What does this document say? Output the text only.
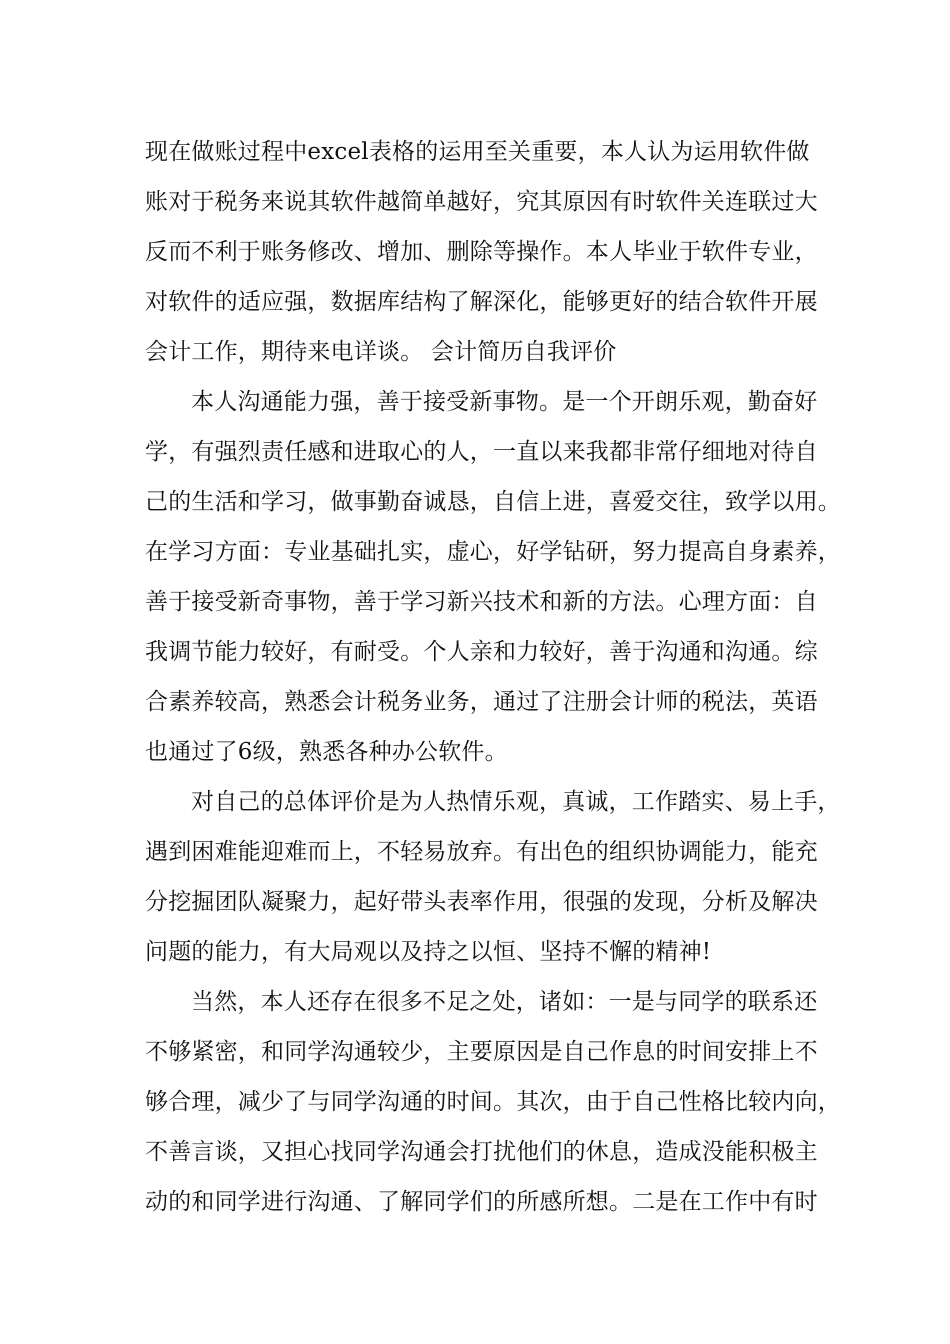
现在做账过程中excel表格的运用至关重要，本人认为运用软件做
账对于税务来说其软件越简单越好，究其原因有时软件关连联过大
反而不利于账务修改、增加、删除等操作。本人毕业于软件专业，
对软件的适应强，数据库结构了解深化，能够更好的结合软件开展
会计工作，期待来电详谈。 会计简历自我评价
本人沟通能力强，善于接受新事物。是一个开朗乐观，勤奋好
学，有强烈责任感和进取心的人，一直以来我都非常仔细地对待自
己的生活和学习，做事勤奋诚恳，自信上进，喜爱交往，致学以用。
在学习方面：专业基础扎实，虚心，好学钻研，努力提高自身素养，
善于接受新奇事物，善于学习新兴技术和新的方法。心理方面：自
我调节能力较好，有耐受。个人亲和力较好，善于沟通和沟通。综
合素养较高，熟悉会计税务业务，通过了注册会计师的税法，英语
也通过了6级，熟悉各种办公软件。
对自己的总体评价是为人热情乐观，真诚，工作踏实、易上手，
遇到困难能迎难而上，不轻易放弃。有出色的组织协调能力，能充
分挖掘团队凝聚力，起好带头表率作用，很强的发现，分析及解决
问题的能力，有大局观以及持之以恒、坚持不懈的精神!
当然，本人还存在很多不足之处，诸如：一是与同学的联系还
不够紧密，和同学沟通较少，主要原因是自己作息的时间安排上不
够合理，减少了与同学沟通的时间。其次，由于自己性格比较内向，
不善言谈，又担心找同学沟通会打扰他们的休息，造成没能积极主
动的和同学进行沟通、了解同学们的所感所想。二是在工作中有时
